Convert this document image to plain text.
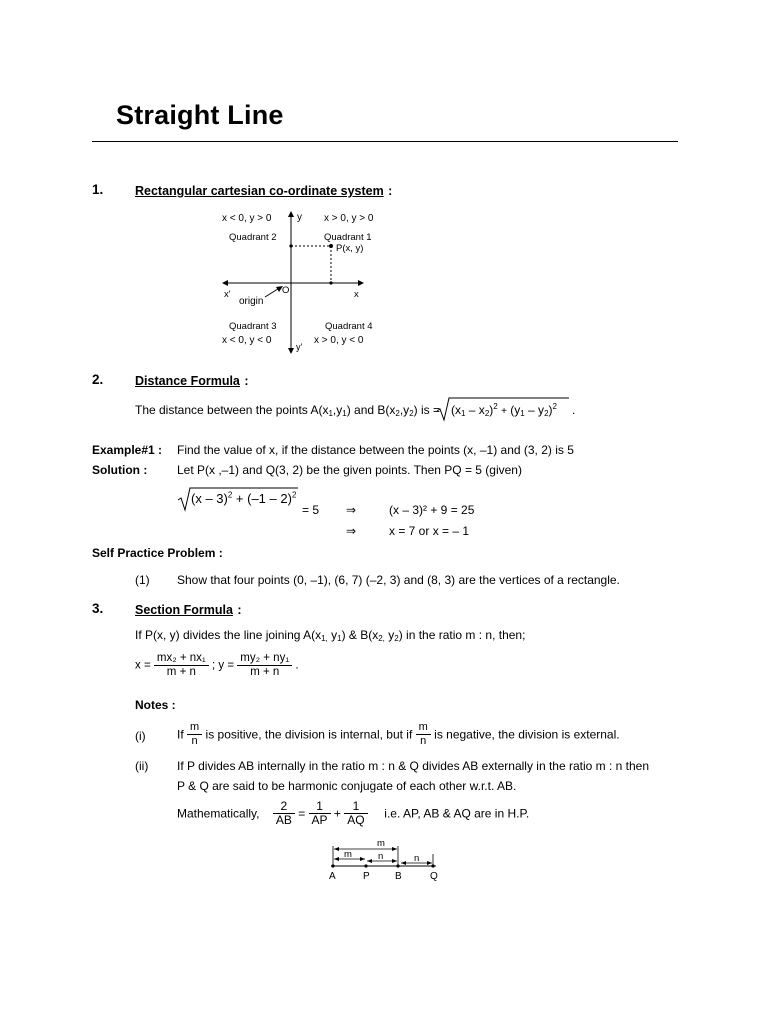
Straight Line
1.	Rectangular cartesian co-ordinate system :
x < 0, y > 0	x > 0, y > 0
y
Quadrant 2	Quadrant 1
P(x, y)
x'	O	x
origin
Quadrant 3	Quadrant 4
x < 0, y < 0	x > 0, y < 0
y'
2.	Distance Formula :
The distance between the points $A(x_1,y_1)$ and $B(x_2,y_2)$ is = $(x_1 - x_2)^2 + (y_1 - y_2)^2$ .
Example#1 : Find the value of x, if the distance between the points (x, –1) and (3, 2) is 5
Solution : Let P(x ,–1) and Q(3, 2) be the given points. Then PQ = 5 (given)
(x – 3)$^2$ + (–1 – 2)$^2$
= 5 ⇒	(x – 3)² + 9 = 25
⇒	x = 7 or x = – 1
Self Practice Problem :
(1) Show that four points (0, –1), (6, 7) (–2, 3) and (8, 3) are the vertices of a rectangle.
3.	Section Formula :
If P(x, y) divides the line joining $A(x_{1,}$ $y_1$) & $B(x_{2,}$ $y_2$) in the ratio m : n, then;
$x = \frac{\text{mx₂ + nx₁}}{m + n}$ ; $y = \frac{\text{my₂ + ny₁}}{m + n}$ .
Notes :
(i)	If $\frac{m}{n}$ is positive, the division is internal, but if $\frac{m}{n}$ is negative, the division is external.
(ii) If P divides AB internally in the ratio m : n & Q divides AB externally in the ratio m : n then
P & Q are said to be harmonic conjugate of each other w.r.t. AB.
Mathematically, $\frac{2}{AB} = \frac{1}{AP} + \frac{1}{AQ} i.e$. AP, AB & AQ are in H.P.
m
m	n	n
A	P	B	Q
